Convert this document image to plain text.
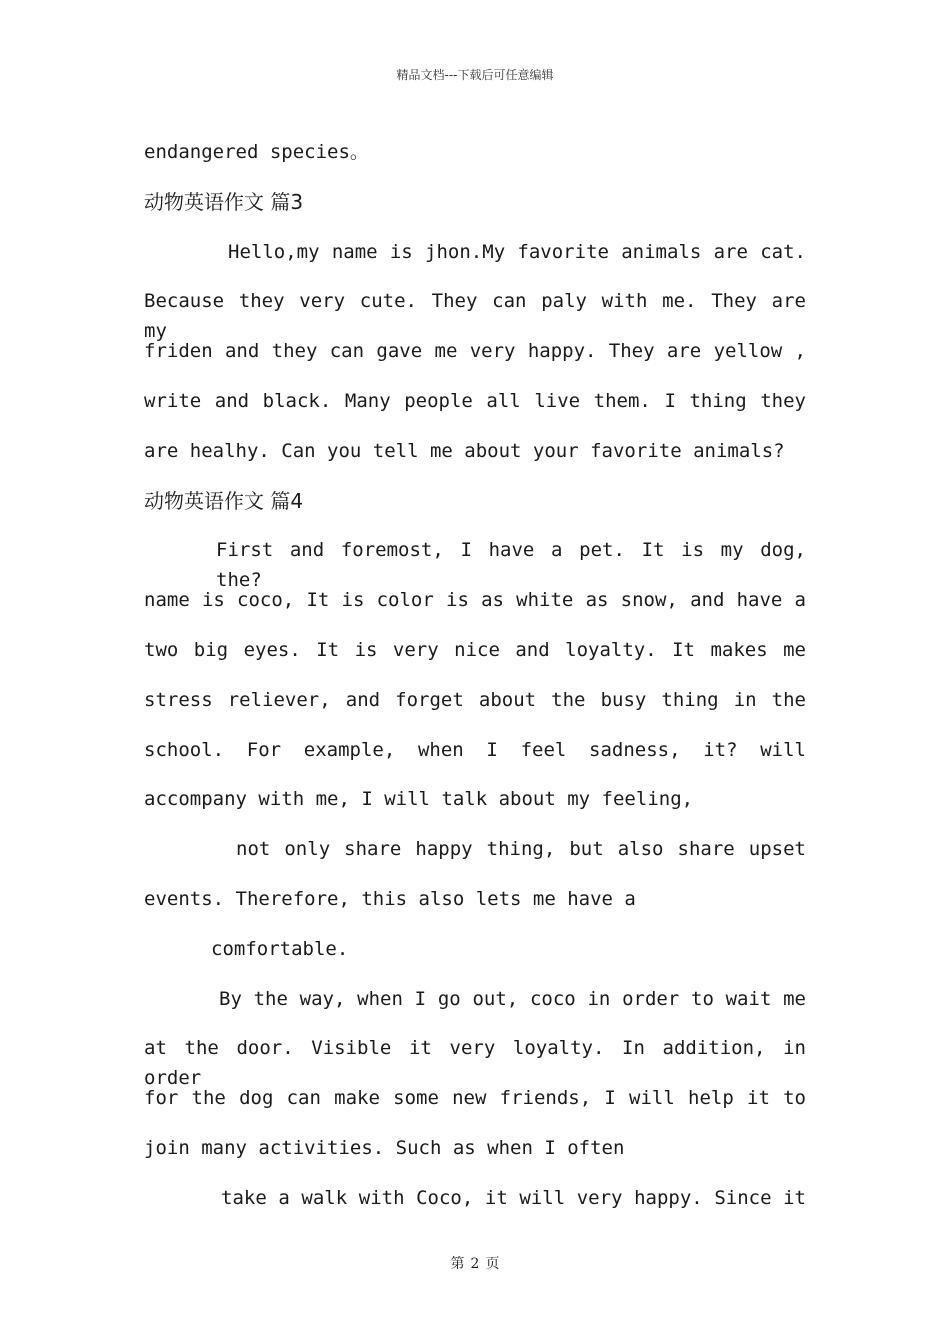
精品文档---下载后可任意编辑
endangered species。
动物英语作文 篇3
Hello,my name is jhon.My favorite animals are cat.
Because they very cute. They can paly with me. They are my
friden and they can gave me very happy. They are yellow ,
write and black. Many people all live them. I thing they
are healhy. Can you tell me about your favorite animals?
动物英语作文 篇4
First and foremost, I have a pet. It is my dog, the?
name is coco, It is color is as white as snow, and have a
two big eyes. It is very nice and loyalty. It makes me
stress reliever, and forget about the busy thing in the
school. For example, when I feel sadness, it? will
accompany with me, I will talk about my feeling,
not only share happy thing, but also share upset
events. Therefore, this also lets me have a
comfortable.
By the way, when I go out, coco in order to wait me
at the door. Visible it very loyalty. In addition, in order
for the dog can make some new friends, I will help it to
join many activities. Such as when I often
take a walk with Coco, it will very happy. Since it
第 2 页
